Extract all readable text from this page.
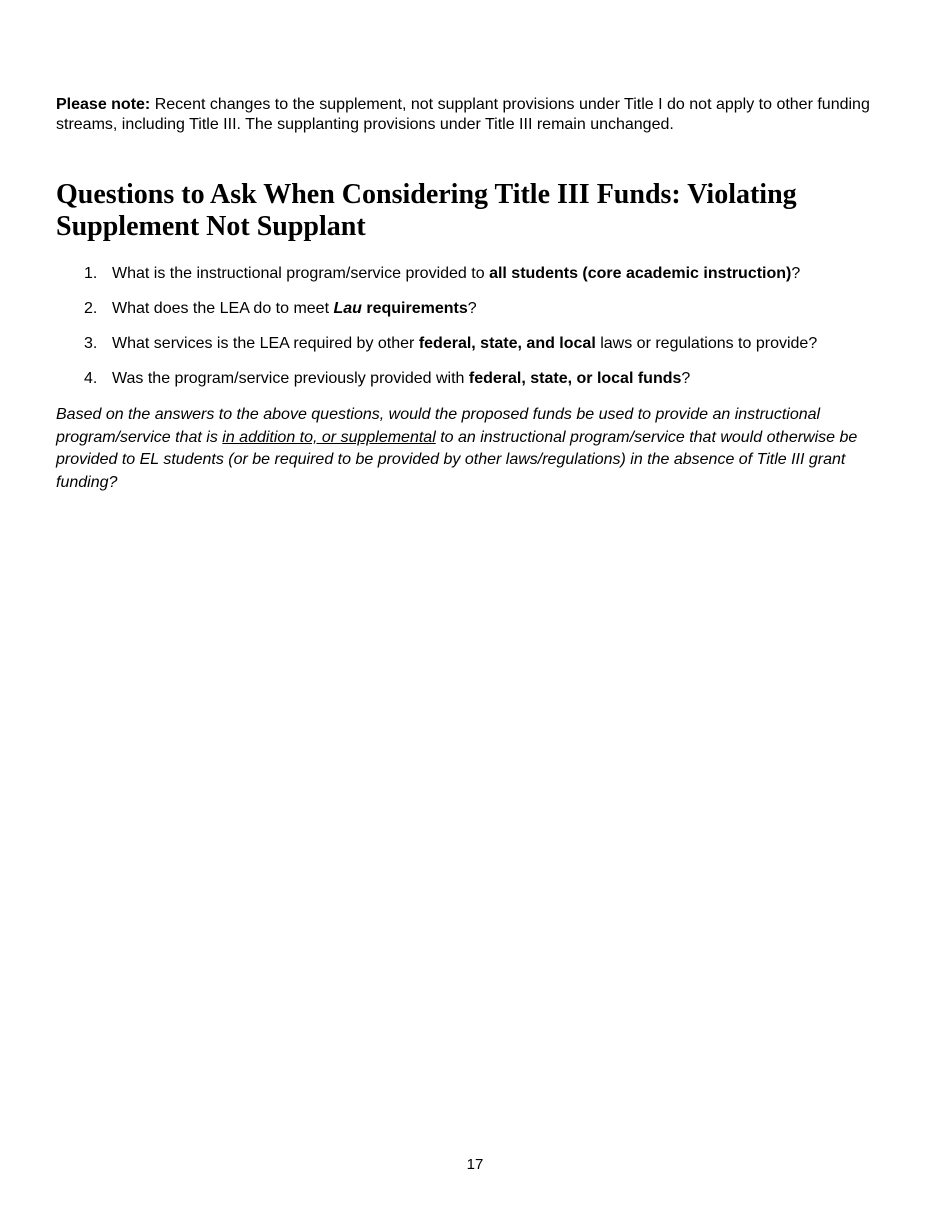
Please note: Recent changes to the supplement, not supplant provisions under Title I do not apply to other funding streams, including Title III. The supplanting provisions under Title III remain unchanged.

Questions to Ask When Considering Title III Funds: Violating Supplement Not Supplant
1. What is the instructional program/service provided to all students (core academic instruction)?
2. What does the LEA do to meet Lau requirements?
3. What services is the LEA required by other federal, state, and local laws or regulations to provide?
4. Was the program/service previously provided with federal, state, or local funds?

Based on the answers to the above questions, would the proposed funds be used to provide an instructional program/service that is in addition to, or supplemental to an instructional program/service that would otherwise be provided to EL students (or be required to be provided by other laws/regulations) in the absence of Title III grant funding?

17
